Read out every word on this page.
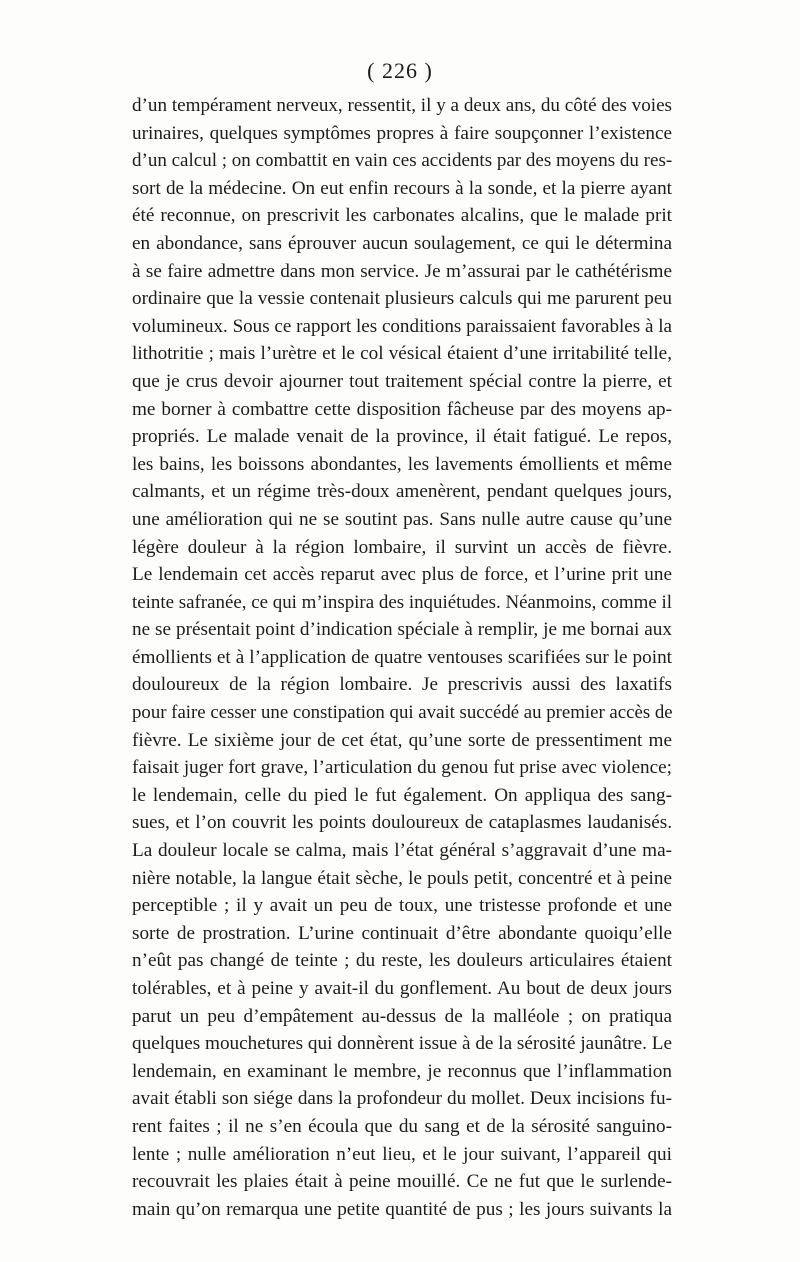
( 226 )
d’un tempérament nerveux, ressentit, il y a deux ans, du côté des voies
urinaires, quelques symptômes propres à faire soupçonner l’existence
d’un calcul ; on combattit en vain ces accidents par des moyens du res-
sort de la médecine. On eut enfin recours à la sonde, et la pierre ayant
été reconnue, on prescrivit les carbonates alcalins, que le malade prit
en abondance, sans éprouver aucun soulagement, ce qui le détermina
à se faire admettre dans mon service. Je m’assurai par le cathétérisme
ordinaire que la vessie contenait plusieurs calculs qui me parurent peu
volumineux. Sous ce rapport les conditions paraissaient favorables à la
lithotritie ; mais l’urètre et le col vésical étaient d’une irritabilité telle,
que je crus devoir ajourner tout traitement spécial contre la pierre, et
me borner à combattre cette disposition fâcheuse par des moyens ap-
propriés. Le malade venait de la province, il était fatigué. Le repos,
les bains, les boissons abondantes, les lavements émollients et même
calmants, et un régime très-doux amenèrent, pendant quelques jours,
une amélioration qui ne se soutint pas. Sans nulle autre cause qu’une
légère douleur à la région lombaire, il survint un accès de fièvre.
Le lendemain cet accès reparut avec plus de force, et l’urine prit une
teinte safranée, ce qui m’inspira des inquiétudes. Néanmoins, comme il
ne se présentait point d’indication spéciale à remplir, je me bornai aux
émollients et à l’application de quatre ventouses scarifiées sur le point
douloureux de la région lombaire. Je prescrivis aussi des laxatifs
pour faire cesser une constipation qui avait succédé au premier accès de
fièvre. Le sixième jour de cet état, qu’une sorte de pressentiment me
faisait juger fort grave, l’articulation du genou fut prise avec violence;
le lendemain, celle du pied le fut également. On appliqua des sang-
sues, et l’on couvrit les points douloureux de cataplasmes laudanisés.
La douleur locale se calma, mais l’état général s’aggravait d’une ma-
nière notable, la langue était sèche, le pouls petit, concentré et à peine
perceptible ; il y avait un peu de toux, une tristesse profonde et une
sorte de prostration. L’urine continuait d’être abondante quoiqu’elle
n’eût pas changé de teinte ; du reste, les douleurs articulaires étaient
tolérables, et à peine y avait-il du gonflement. Au bout de deux jours
parut un peu d’empâtement au-dessus de la malléole ; on pratiqua
quelques mouchetures qui donnèrent issue à de la sérosité jaunâtre. Le
lendemain, en examinant le membre, je reconnus que l’inflammation
avait établi son siége dans la profondeur du mollet. Deux incisions fu-
rent faites ; il ne s’en écoula que du sang et de la sérosité sanguino-
lente ; nulle amélioration n’eut lieu, et le jour suivant, l’appareil qui
recouvrait les plaies était à peine mouillé. Ce ne fut que le surlende-
main qu’on remarqua une petite quantité de pus ; les jours suivants la
